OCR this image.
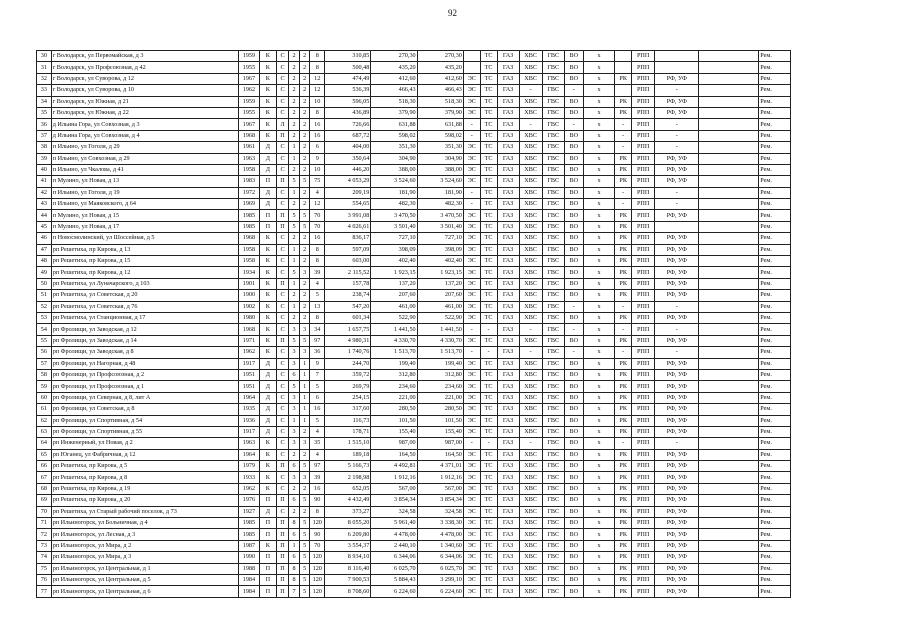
92
30	г Володарск, ул Первомайская, д 3	1959	К	С	2	2	8	310,85	270,30	270,30		ТС	ГАЗ	ХВС	ГВС	ВО	х		РПП			Рем.
31	г Володарск, ул Профсоюзная, д 42	1955	К	С	2	2	8	500,48	435,20	435,20		ТС	ГАЗ	ХВС	ГВС	ВО	х		РПП			Рем.
32	г Володарск, ул Суворова, д 12	1967	К	С	2	2	12	474,49	412,60	412,60	ЭС	ТС	ГАЗ	ХВС	ГВС	ВО	х	РК	РПП	РФ, УФ		Рем.
33	г Володарск, ул Суворова, д 10	1962	К	С	2	2	12	536,39	466,43	466,43	ЭС	ТС	ГАЗ	-	ГВС	-	х		РПП	-		Рем.
34	г Володарск, ул Южная, д 21	1959	К	С	2	2	10	596,05	518,30	518,30	ЭС	ТС	ГАЗ	ХВС	ГВС	ВО	х	РК	РПП	РФ, УФ		Рем.
35	г Володарск, ул Южная, д 22	1955	К	С	2	2	8	436,89	379,90	379,90	ЭС	ТС	ГАЗ	ХВС	ГВС	ВО	х	РК	РПП	РФ, УФ		Рем.
36	д Ильина Гора, ул Совхозная, д 3	1967	К	Л	2	2	16	726,66	631,88	631,88	-	ТС	ГАЗ	-	ГВС	-	х	-	РПП	-		Рем.
37	д Ильина Гора, ул Совхозная, д 4	1968	К	П	2	2	16	687,72	598,02	598,02	-	ТС	ГАЗ	ХВС	ГВС	ВО	х	-	РПП	-		Рем.
38	п Ильино, ул Гоголя, д 29	1961	Д	С	1	2	6	404,00	351,30	351,30	ЭС	ТС	ГАЗ	ХВС	ГВС	ВО	х	-	РПП	-		Рем.
39	п Ильино, ул Совхозная, д 29	1963	Д	С	1	2	9	350,64	304,90	304,90	ЭС	ТС	ГАЗ	ХВС	ГВС	ВО	х	РК	РПП	РФ, УФ		Рем.
40	п Ильино, ул Чкалова, д 41	1958	Д	С	2	2	10	446,20	388,00	388,00	ЭС	ТС	ГАЗ	ХВС	ГВС	ВО	х	РК	РПП	РФ, УФ		Рем.
41	п Мулино, ул Новая, д 13	1983	П	П	5	5	75	4 053,29	3 524,60	3 524,60	ЭС	ТС	ГАЗ	ХВС	ГВС	ВО	х	РК	РПП	РФ, УФ		Рем.
42	п Ильино, ул Гоголя, д 19	1972	Д	С	1	2	4	209,19	181,90	181,90	-	ТС	ГАЗ	ХВС	ГВС	ВО	х	-	РПП	-		Рем.
43	п Ильино, ул Маяковского, д 64	1969	Д	С	2	2	12	554,65	482,30	482,30	-	ТС	ГАЗ	ХВС	ГВС	ВО	х	-	РПП	-		Рем.
44	п Мулино, ул Новая, д 15	1985	П	П	5	5	70	3 991,08	3 470,50	3 470,50	ЭС	ТС	ГАЗ	ХВС	ГВС	ВО	х	РК	РПП	РФ, УФ		Рем.
45	п Мулино, ул Новая, д 17	1985	П	П	5	5	70	4 026,61	3 501,40	3 501,40	ЭС	ТС	ГАЗ	ХВС	ГВС	ВО	х	РК	РПП			Рем.
46	п Новосмолинский, ул Шоссейная, д 5	1968	К	С	2	2	16	836,17	727,10	727,10	ЭС	ТС	ГАЗ	ХВС	ГВС	ВО	х	РК	РПП	РФ, УФ		Рем.
47	рп Решетиха, пр Кирова, д 13	1958	К	С	1	2	8	597,09	398,09	398,09	ЭС	ТС	ГАЗ	ХВС	ГВС	ВО	х	РК	РПП	РФ, УФ		Рем.
48	рп Решетиха, пр Кирова, д 15	1958	К	С	1	2	8	603,00	402,40	402,40	ЭС	ТС	ГАЗ	ХВС	ГВС	ВО	х	РК	РПП	РФ, УФ		Рем.
49	рп Решетиха, пр Кирова, д 12	1934	К	С	5	3	39	2 115,52	1 923,15	1 923,15	ЭС	ТС	ГАЗ	ХВС	ГВС	ВО	х	РК	РПП	РФ, УФ		Рем.
50	рп Решетиха, ул Луначарского, д 103	1901	К	П	1	2	4	157,78	137,20	137,20	ЭС	ТС	ГАЗ	ХВС	ГВС	ВО	х	РК	РПП	РФ, УФ		Рем.
51	рп Решетиха, ул Советская, д 20	1900	К	С	2	2	5	238,74	207,60	207,60	ЭС	ТС	ГАЗ	ХВС	ГВС	ВО	х	РК	РПП	РФ, УФ		Рем.
52	рп Решетиха, ул Советская, д 76	1902	К	С	1	2	13	547,20	461,00	461,00	ЭС	ТС	ГАЗ	ХВС	ГВС	-	х	-	РПП	-		Рем.
53	рп Решетиха, ул Станционная, д 17	1980	К	С	2	2	8	601,34	522,90	522,90	ЭС	ТС	ГАЗ	ХВС	ГВС	ВО	х	РК	РПП	РФ, УФ		Рем.
54	рп Фролищи, ул Заводская, д 12	1968	К	С	3	3	34	1 657,75	1 441,50	1 441,50	-	-	ГАЗ	-	ГВС	-	х	-	РПП	-		Рем.
55	рп Фролищи, ул Заводская, д 14	1971	К	П	5	5	97	4 980,31	4 330,70	4 330,70	ЭС	ТС	ГАЗ	ХВС	ГВС	ВО	х	РК	РПП	РФ, УФ		Рем.
56	рп Фролищи, ул Заводская, д 8	1962	К	С	3	3	36	1 740,76	1 513,70	1 513,70	-	-	ГАЗ	-	ГВС	-	х	-	РПП	-		Рем.
57	рп Фролищи, ул Нагорная, д 48	1917	Д	С	3	1	9	244,70	199,40	199,40	ЭС	ТС	ГАЗ	ХВС	ГВС	ВО	х	РК	РПП	РФ, УФ		Рем.
58	рп Фролищи, ул Профсоюзная, д 2	1951	Д	С	6	1	7	359,72	312,80	312,80	ЭС	ТС	ГАЗ	ХВС	ГВС	ВО	х	РК	РПП	РФ, УФ		Рем.
59	рп Фролищи, ул Профсоюзная, д 1	1951	Д	С	5	1	5	269,79	234,60	234,60	ЭС	ТС	ГАЗ	ХВС	ГВС	ВО	х	РК	РПП	РФ, УФ		Рем.
60	рп Фролищи, ул Северная, д 8, лит А	1964	Д	С	3	1	6	254,15	221,00	221,00	ЭС	ТС	ГАЗ	ХВС	ГВС	ВО	х	РК	РПП	РФ, УФ		Рем.
61	рп Фролищи, ул Советская, д 8	1935	Д	С	3	1	16	317,60	280,50	280,50	ЭС	ТС	ГАЗ	ХВС	ГВС	ВО	х	РК	РПП	РФ, УФ		Рем.
62	рп Фролищи, ул Спортивная, д 54	1936	Д	С	1	1	5	116,73	101,50	101,50	ЭС	ТС	ГАЗ	ХВС	ГВС	ВО	х	РК	РПП	РФ, УФ		Рем.
63	рп Фролищи, ул Спортивная, д 55	1917	Д	С	3	2	4	178,71	155,40	155,40	ЭС	ТС	ГАЗ	ХВС	ГВС	ВО	х	РК	РПП	РФ, УФ		Рем.
64	рп Инженерный, ул Новая, д 2	1963	К	С	3	3	35	1 515,10	987,00	987,00	-	-	ГАЗ	-	ГВС	ВО	х	-	РПП	-		Рем.
65	рп Юганец, ул Фабричная, д 12	1964	К	С	2	2	4	189,18	164,50	164,50	ЭС	ТС	ГАЗ	ХВС	ГВС	ВО	х	РК	РПП	РФ, УФ		Рем.
66	рп Решетиха, пр Кирова, д 5	1979	К	П	6	5	97	5 166,73	4 492,81	4 371,01	ЭС	ТС	ГАЗ	ХВС	ГВС	ВО	х	РК	РПП	РФ, УФ		Рем.
67	рп Решетиха, пр Кирова, д 8	1933	К	С	3	3	39	2 198,98	1 912,16	1 912,16	ЭС	ТС	ГАЗ	ХВС	ГВС	ВО	х	РК	РПП	РФ, УФ		Рем.
68	рп Решетиха, пр Кирова, д 19	1962	К	С	2	2	16	652,05	567,00	567,00	ЭС	ТС	ГАЗ	ХВС	ГВС	ВО	х	РК	РПП	РФ, УФ		Рем.
69	рп Решетиха, пр Кирова, д 20	1976	П	П	6	5	90	4 432,49	3 854,34	3 854,34	ЭС	ТС	ГАЗ	ХВС	ГВС	ВО	х	РК	РПП	РФ, УФ		Рем.
70	рп Решетиха, ул Старый рабочий поселок, д 73	1927	Д	С	2	2	8	373,27	324,58	324,58	ЭС	ТС	ГАЗ	ХВС	ГВС	ВО	х	РК	РПП	РФ, УФ		Рем.
71	рп Ильиногорск, ул Больничная, д 4	1985	П	П	8	5	120	8 055,20	5 961,40	3 338,30	ЭС	ТС	ГАЗ	ХВС	ГВС	ВО	х	РК	РПП	РФ, УФ		Рем.
72	рп Ильиногорск, ул Лесная, д 3	1985	П	П	6	5	90	6 209,80	4 478,00	4 478,00	ЭС	ТС	ГАЗ	ХВС	ГВС	ВО	х	РК	РПП	РФ, УФ		Рем.
73	рп Ильиногорск, ул Мира, д 2	1987	К	П	1	5	70	3 554,37	2 440,10	1 340,60	ЭС	ТС	ГАЗ	ХВС	ГВС	ВО	х	РК	РПП	РФ, УФ		Рем.
74	рп Ильиногорск, ул Мира, д 3	1990	П	П	6	5	120	8 934,10	6 344,06	6 344,06	ЭС	ТС	ГАЗ	ХВС	ГВС	ВО	х	РК	РПП	РФ, УФ		Рем.
75	рп Ильиногорск, ул Центральная, д 1	1988	П	П	8	5	120	8 116,40	6 025,70	6 025,70	ЭС	ТС	ГАЗ	ХВС	ГВС	ВО	х	РК	РПП	РФ, УФ		Рем.
76	рп Ильиногорск, ул Центральная, д 5	1984	П	П	8	5	120	7 900,53	5 884,43	3 299,10	ЭС	ТС	ГАЗ	ХВС	ГВС	ВО	х	РК	РПП	РФ, УФ		Рем.
77	рп Ильиногорск, ул Центральная, д 6	1984	П	П	7	5	120	8 708,60	6 224,60	6 224,60	ЭС	ТС	ГАЗ	ХВС	ГВС	ВО	х	РК	РПП	РФ, УФ		Рем.
